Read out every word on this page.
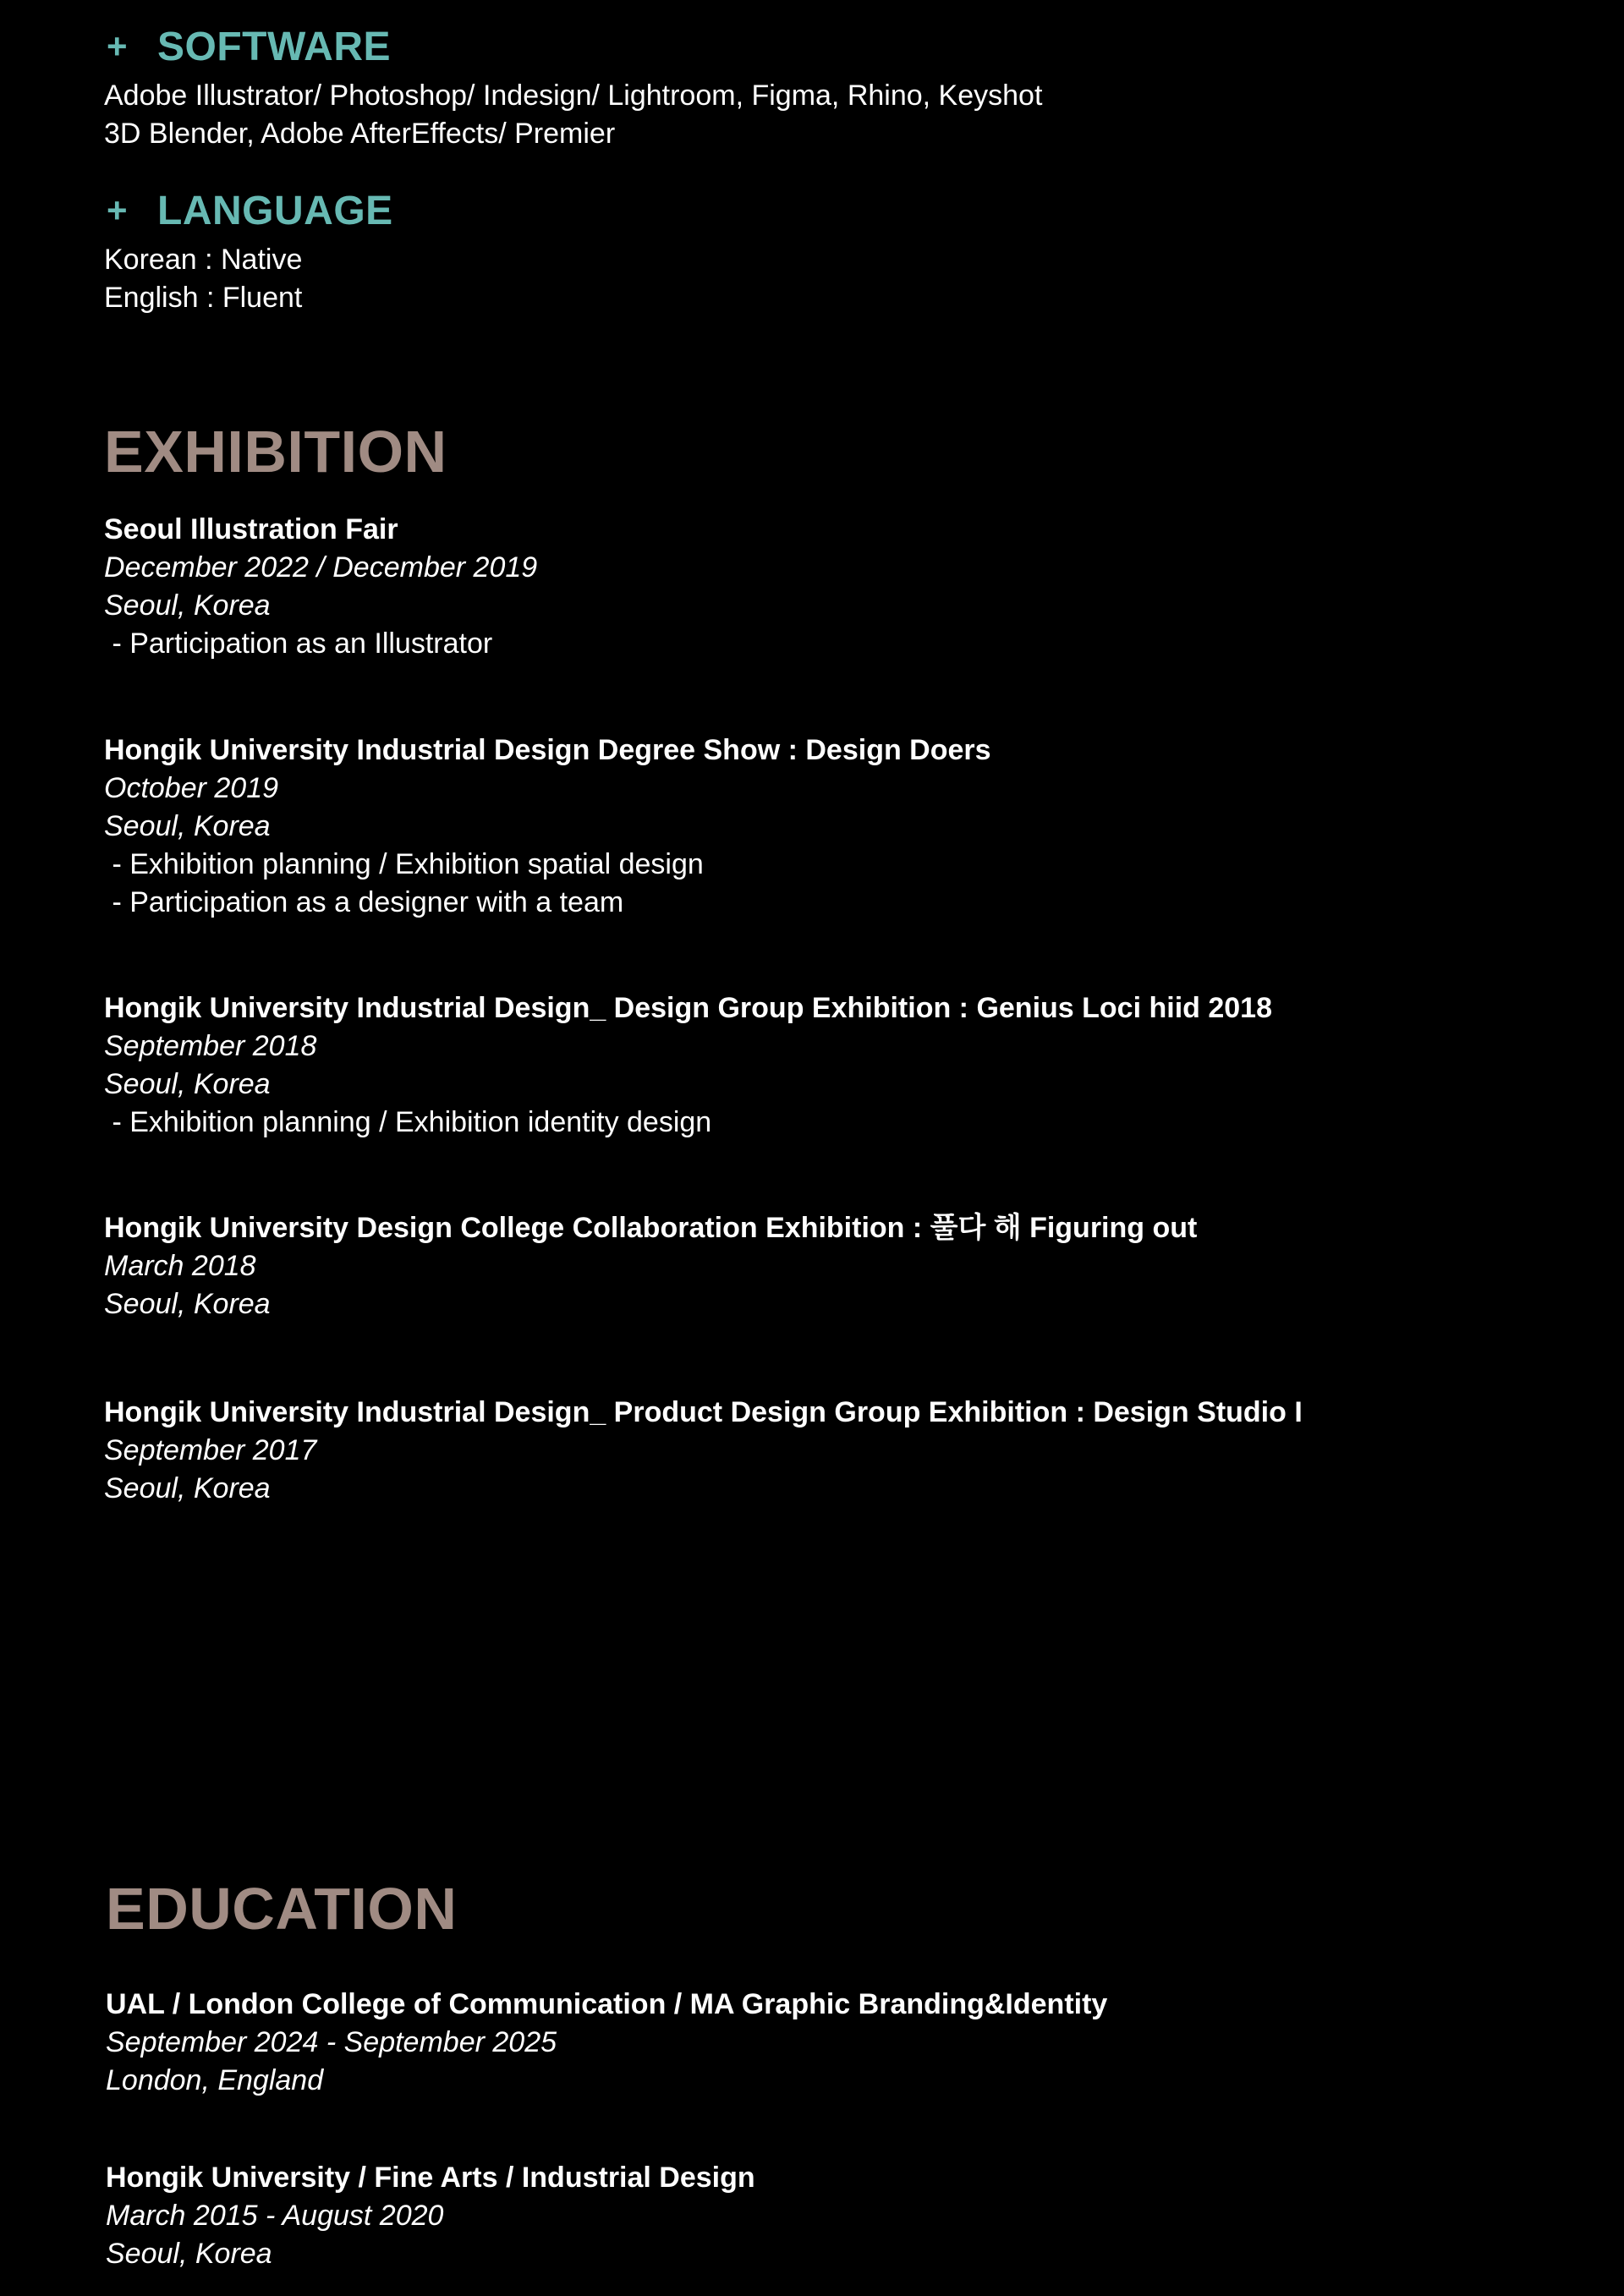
+ SOFTWARE
Adobe Illustrator/ Photoshop/ Indesign/ Lightroom, Figma, Rhino, Keyshot
3D Blender, Adobe AfterEffects/ Premier
+ LANGUAGE
Korean : Native
English : Fluent
EXHIBITION
Seoul Illustration Fair
December 2022 / December 2019
Seoul, Korea
- Participation as an Illustrator
Hongik University Industrial Design Degree Show : Design Doers
October 2019
Seoul, Korea
- Exhibition planning / Exhibition spatial design
- Participation as a designer with a team
Hongik University Industrial Design_ Design Group Exhibition : Genius Loci hiid 2018
September 2018
Seoul, Korea
- Exhibition planning / Exhibition identity design
Hongik University Design College Collaboration Exhibition : 풀다 해 Figuring out
March 2018
Seoul, Korea
Hongik University Industrial Design_ Product Design Group Exhibition : Design Studio I
September 2017
Seoul, Korea
EDUCATION
UAL / London College of Communication / MA Graphic Branding&Identity
September 2024 - September 2025
London, England
Hongik University / Fine Arts / Industrial Design
March 2015 - August 2020
Seoul, Korea
